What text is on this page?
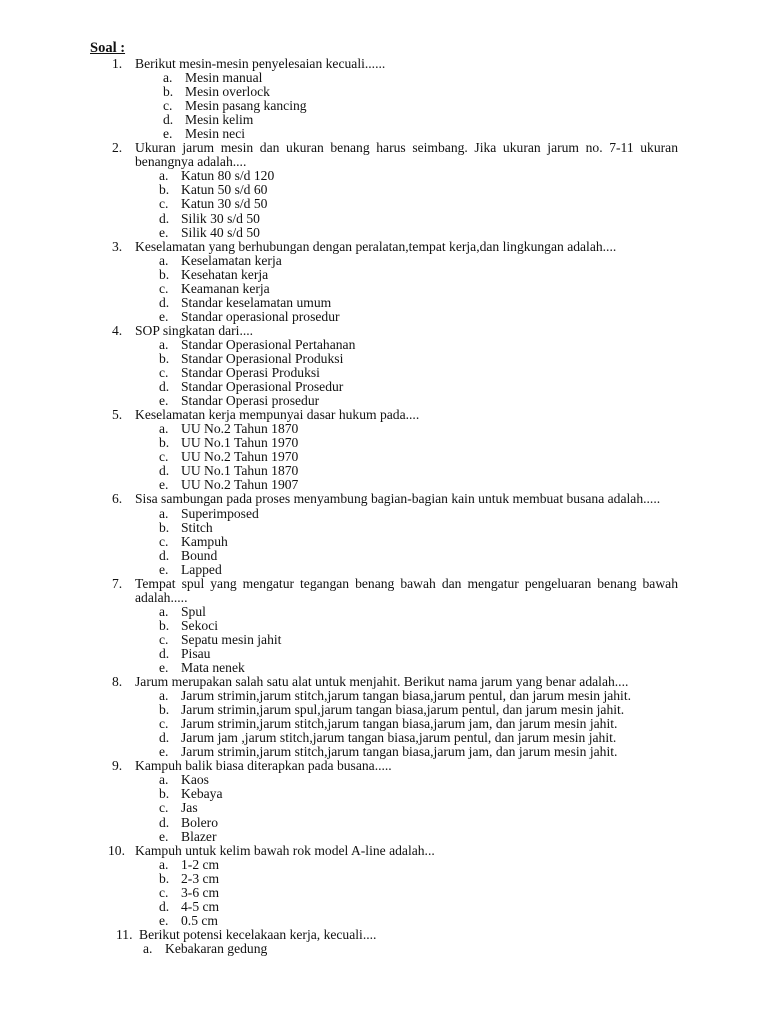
Soal :
1. Berikut mesin-mesin penyelesaian kecuali......
a. Mesin manual
b. Mesin overlock
c. Mesin pasang kancing
d. Mesin kelim
e. Mesin neci
2. Ukuran jarum mesin dan ukuran benang harus seimbang. Jika ukuran jarum no. 7-11 ukuran benangnya adalah....
a. Katun 80 s/d 120
b. Katun 50 s/d 60
c. Katun 30 s/d 50
d. Silik 30 s/d 50
e. Silik 40 s/d 50
3. Keselamatan yang berhubungan dengan peralatan,tempat kerja,dan lingkungan adalah....
a. Keselamatan kerja
b. Kesehatan kerja
c. Keamanan kerja
d. Standar keselamatan umum
e. Standar operasional prosedur
4. SOP singkatan dari....
a. Standar Operasional Pertahanan
b. Standar Operasional Produksi
c. Standar Operasi Produksi
d. Standar Operasional Prosedur
e. Standar Operasi prosedur
5. Keselamatan kerja mempunyai dasar hukum pada....
a. UU No.2 Tahun 1870
b. UU No.1 Tahun 1970
c. UU No.2 Tahun 1970
d. UU No.1 Tahun 1870
e. UU No.2 Tahun 1907
6. Sisa sambungan pada proses menyambung bagian-bagian kain untuk membuat busana adalah.....
a. Superimposed
b. Stitch
c. Kampuh
d. Bound
e. Lapped
7. Tempat spul yang mengatur tegangan benang bawah dan mengatur pengeluaran benang bawah adalah.....
a. Spul
b. Sekoci
c. Sepatu mesin jahit
d. Pisau
e. Mata nenek
8. Jarum merupakan salah satu alat untuk menjahit. Berikut nama jarum yang benar adalah....
a. Jarum strimin,jarum stitch,jarum tangan biasa,jarum pentul, dan jarum mesin jahit.
b. Jarum strimin,jarum spul,jarum tangan biasa,jarum pentul, dan jarum mesin jahit.
c. Jarum strimin,jarum stitch,jarum tangan biasa,jarum jam, dan jarum mesin jahit.
d. Jarum jam ,jarum stitch,jarum tangan biasa,jarum pentul, dan jarum mesin jahit.
e. Jarum strimin,jarum stitch,jarum tangan biasa,jarum jam, dan jarum mesin jahit.
9. Kampuh balik biasa diterapkan pada busana.....
a. Kaos
b. Kebaya
c. Jas
d. Bolero
e. Blazer
10. Kampuh untuk kelim bawah rok model A-line adalah...
a. 1-2 cm
b. 2-3 cm
c. 3-6 cm
d. 4-5 cm
e. 0.5 cm
11. Berikut potensi kecelakaan kerja, kecuali....
a. Kebakaran gedung
